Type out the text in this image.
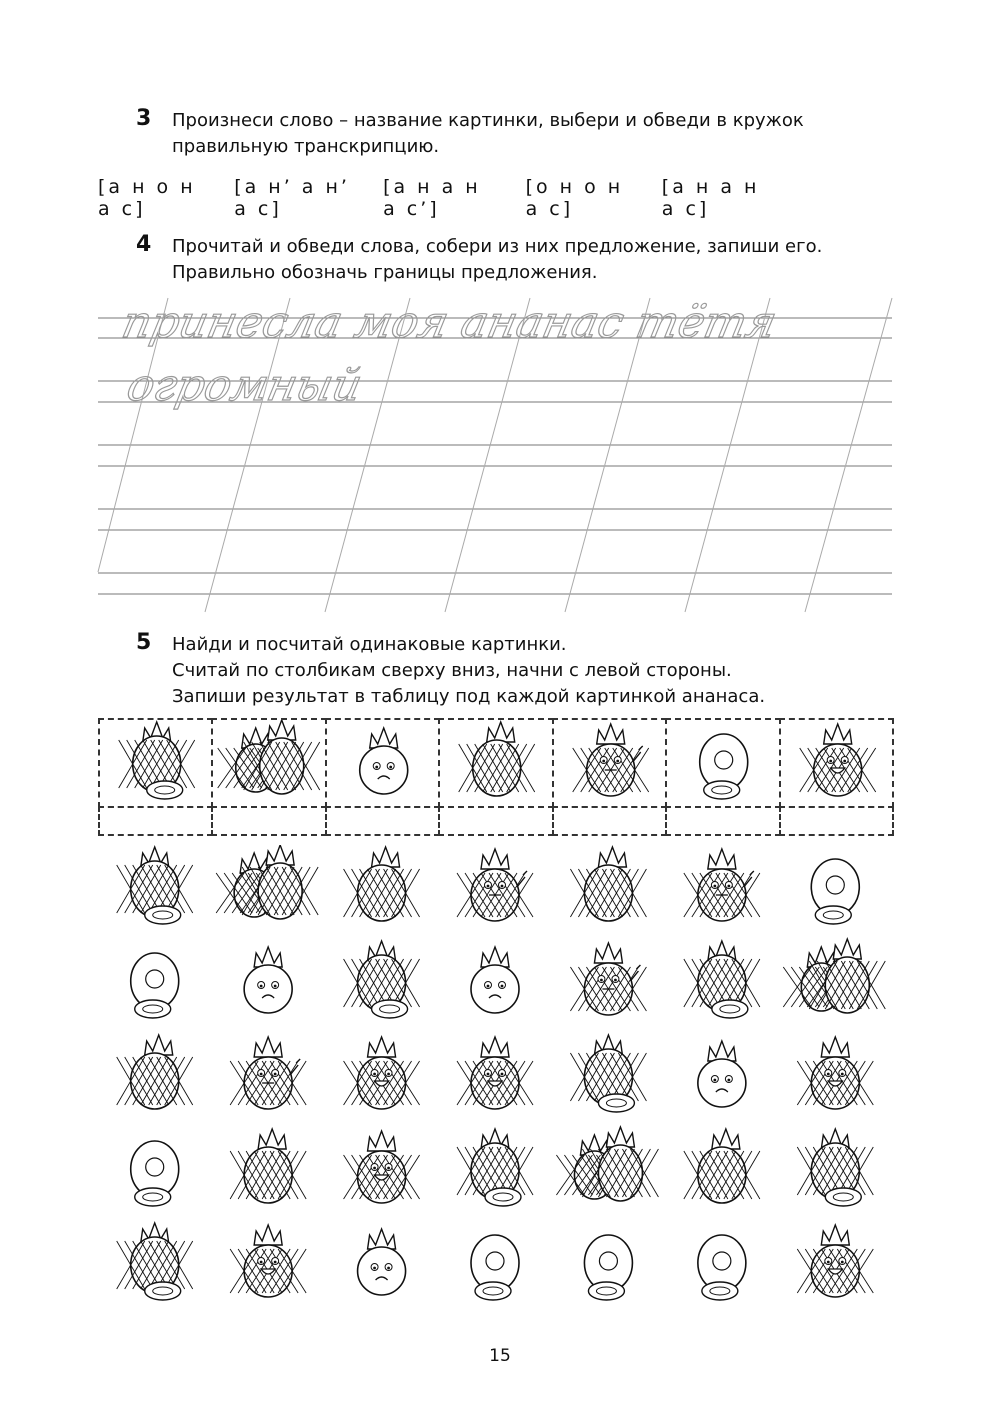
3 Произнеси слово – название картинки, выбери и обведи в кружок
правильную транскрипцию.
[а н о н а с]
[а н’ а н’ а с]
[а н а н а с’]
[о н о н а с]
[а н а н а с]
4 Прочитай и обведи слова, собери из них предложение, запиши его.
Правильно обозначь границы предложения.
принесла моя ананас тётя
огромный
5 Найди и посчитай одинаковые картинки.
Считай по столбикам сверху вниз, начни с левой стороны.
Запиши результат в таблицу под каждой картинкой ананаса.
15
